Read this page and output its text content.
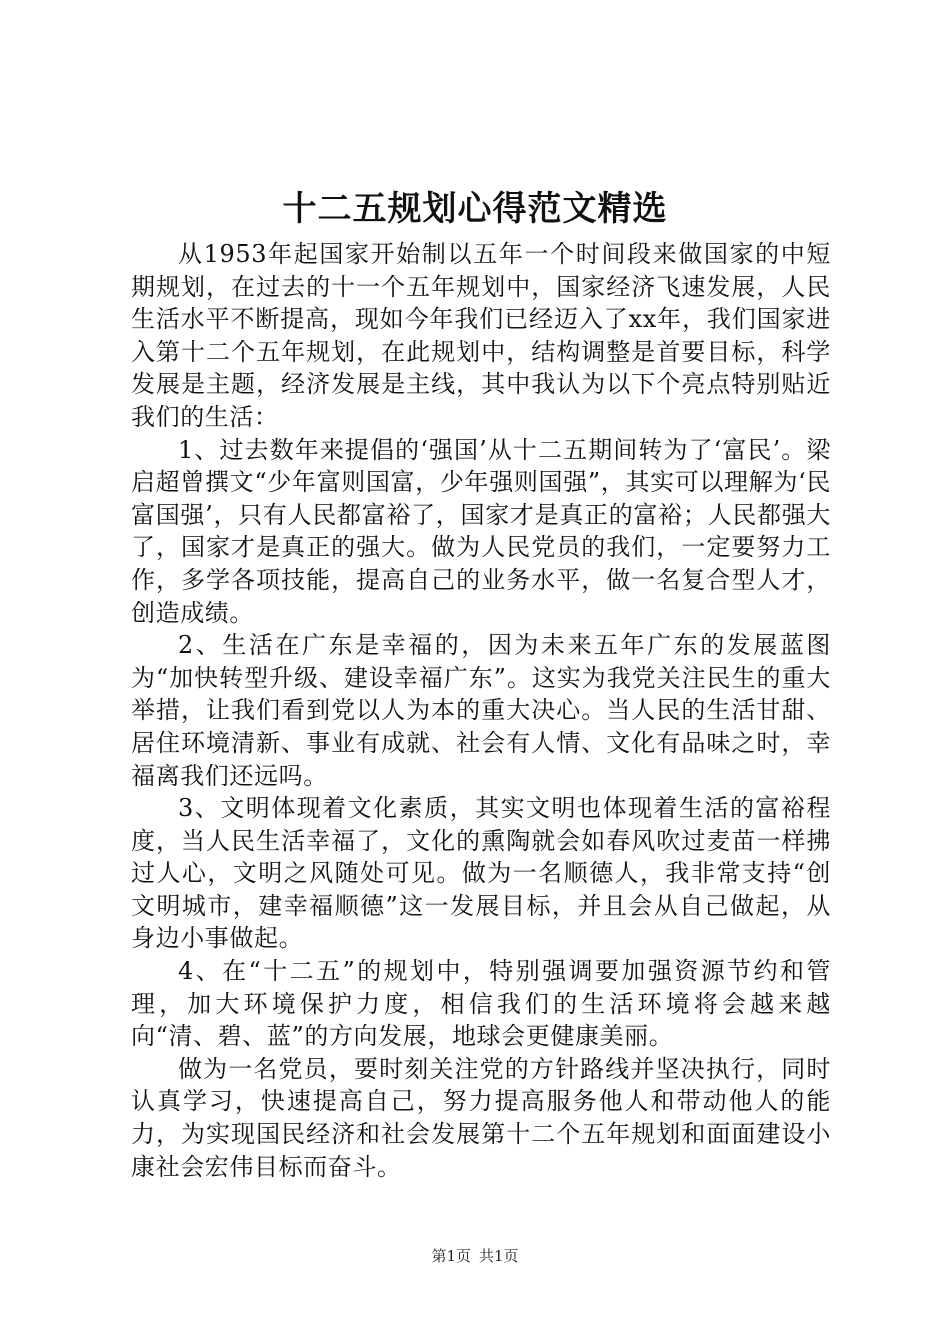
十二五规划心得范文精选

从1953年起国家开始制以五年一个时间段来做国家的中短期规划，在过去的十一个五年规划中，国家经济飞速发展，人民生活水平不断提高，现如今年我们已经迈入了xx年，我们国家进入第十二个五年规划，在此规划中，结构调整是首要目标，科学发展是主题，经济发展是主线，其中我认为以下个亮点特别贴近我们的生活：

1、过去数年来提倡的‘强国’从十二五期间转为了‘富民’。梁启超曾撰文“少年富则国富，少年强则国强”，其实可以理解为‘民富国强’，只有人民都富裕了，国家才是真正的富裕；人民都强大了，国家才是真正的强大。做为人民党员的我们，一定要努力工作，多学各项技能，提高自己的业务水平，做一名复合型人才，创造成绩。

2、生活在广东是幸福的，因为未来五年广东的发展蓝图为“加快转型升级、建设幸福广东”。这实为我党关注民生的重大举措，让我们看到党以人为本的重大决心。当人民的生活甘甜、居住环境清新、事业有成就、社会有人情、文化有品味之时，幸福离我们还远吗。

3、文明体现着文化素质，其实文明也体现着生活的富裕程度，当人民生活幸福了，文化的熏陶就会如春风吹过麦苗一样拂过人心，文明之风随处可见。做为一名顺德人，我非常支持“创文明城市，建幸福顺德”这一发展目标，并且会从自己做起，从身边小事做起。

4、在“十二五”的规划中，特别强调要加强资源节约和管理，加大环境保护力度，相信我们的生活环境将会越来越向“清、碧、蓝”的方向发展，地球会更健康美丽。

做为一名党员，要时刻关注党的方针路线并坚决执行，同时认真学习，快速提高自己，努力提高服务他人和带动他人的能力，为实现国民经济和社会发展第十二个五年规划和面面建设小康社会宏伟目标而奋斗。

第1页 共1页
